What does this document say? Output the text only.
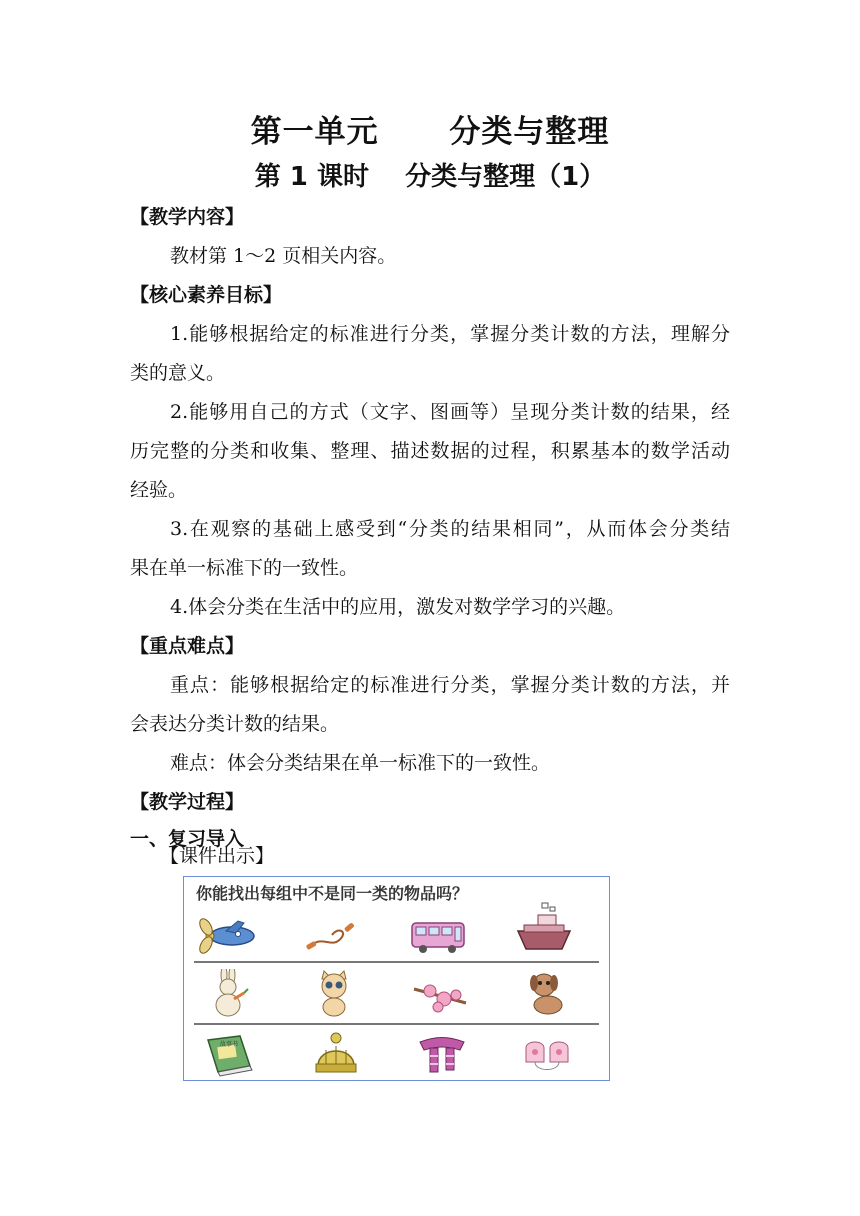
第一单元      分类与整理
第 1 课时    分类与整理（1）
【教学内容】
教材第 1～2 页相关内容。
【核心素养目标】
1.能够根据给定的标准进行分类，掌握分类计数的方法，理解分
类的意义。
2.能够用自己的方式（文字、图画等）呈现分类计数的结果，经
历完整的分类和收集、整理、描述数据的过程，积累基本的数学活动
经验。
3.在观察的基础上感受到“分类的结果相同”，从而体会分类结
果在单一标准下的一致性。
4.体会分类在生活中的应用，激发对数学学习的兴趣。
【重点难点】
重点：能够根据给定的标准进行分类，掌握分类计数的方法，并
会表达分类计数的结果。
难点：体会分类结果在单一标准下的一致性。
【教学过程】
一、复习导入
【课件出示】
你能找出每组中不是同一类的物品吗？
故事书
